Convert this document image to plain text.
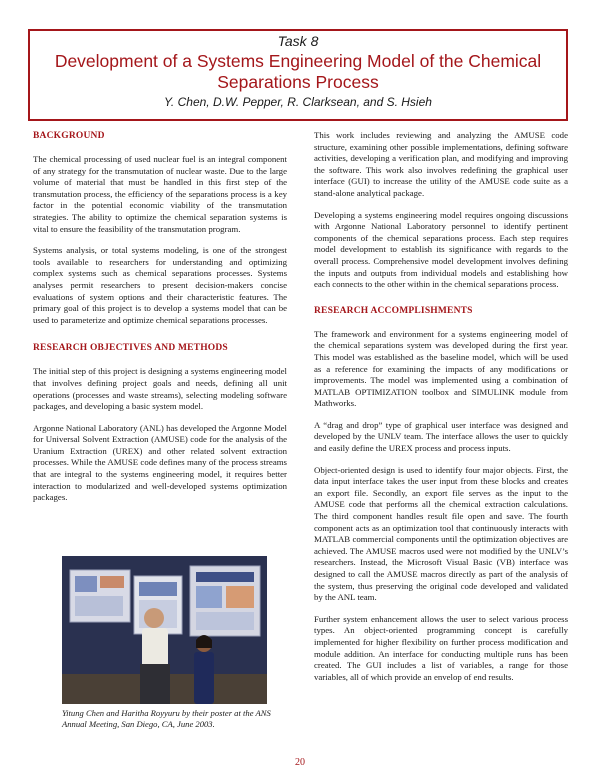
Task 8
Development of a Systems Engineering Model of the Chemical Separations Process
Y. Chen, D.W. Pepper, R. Clarksean, and S. Hsieh
BACKGROUND

The chemical processing of used nuclear fuel is an integral component of any strategy for the transmutation of nuclear waste. Due to the large volume of material that must be handled in this first step of the transmutation process, the efficiency of the separations process is a key factor in the potential economic viability of the transmutation strategies. The ability to optimize the chemical separation systems is vital to ensure the feasibility of the transmutation program.

Systems analysis, or total systems modeling, is one of the strongest tools available to researchers for understanding and optimizing complex systems such as chemical separations processes. Systems analyses permit researchers to present decision-makers concise evaluations of system options and their characteristic features. The primary goal of this project is to develop a systems model that can be used to parameterize and optimize chemical separations processes.

RESEARCH OBJECTIVES AND METHODS

The initial step of this project is designing a systems engineering model that involves defining project goals and needs, defining all unit operations (processes and waste streams), selecting modeling software packages, and developing a basic system model.

Argonne National Laboratory (ANL) has developed the Argonne Model for Universal Solvent Extraction (AMUSE) code for the analysis of the Uranium Extraction (UREX) and other related solvent extraction processes. While the AMUSE code defines many of the process streams that are integral to the systems engineering model, it requires better interaction to modularized and well-developed systems optimization packages.

Yitung Chen and Haritha Royyuru by their poster at the ANS Annual Meeting, San Diego, CA, June 2003.

This work includes reviewing and analyzing the AMUSE code structure, examining other possible implementations, defining software activities, developing a verification plan, and modifying and improving the software. This work also involves redefining the graphical user interface (GUI) to increase the utility of the AMUSE code suite as a stand-alone analytical package.

Developing a systems engineering model requires ongoing discussions with Argonne National Laboratory personnel to identify pertinent components of the chemical separations process. Each step requires model development to establish its significance with regards to the overall process. Comprehensive model development involves defining the inputs and outputs from individual models and establishing how each connects to the other within in the chemical separations process.

RESEARCH ACCOMPLISHMENTS

The framework and environment for a systems engineering model of the chemical separations system was developed during the first year. This model was established as the baseline model, which will be used as a reference for examining the impacts of any modifications or improvements. The model was implemented using a combination of MATLAB OPTIMIZATION toolbox and SIMULINK module from Mathworks.

A “drag and drop” type of graphical user interface was designed and developed by the UNLV team. The interface allows the user to quickly and easily define the UREX process and process inputs.

Object-oriented design is used to identify four major objects. First, the data input interface takes the user input from these blocks and creates an export file. Secondly, an export file serves as the input to the AMUSE code that performs all the chemical extraction calculations. The third component handles result file open and save. The fourth component acts as an optimization tool that continuously interacts with MATLAB commercial components until the optimization objectives are achieved. The AMUSE macros used were not modified by the UNLV’s researchers. Instead, the Microsoft Visual Basic (VB) interface was designed to call the AMUSE macros directly as part of the analysis of the system, thus preserving the original code developed and validated by the ANL team.

Further system enhancement allows the user to select various process types. An object-oriented programming concept is carefully implemented for higher flexibility on further process modification and module addition. An interface for conducting multiple runs has been created. The GUI includes a list of variables, a range for those variables, all of which provide an envelop of end results.

20
